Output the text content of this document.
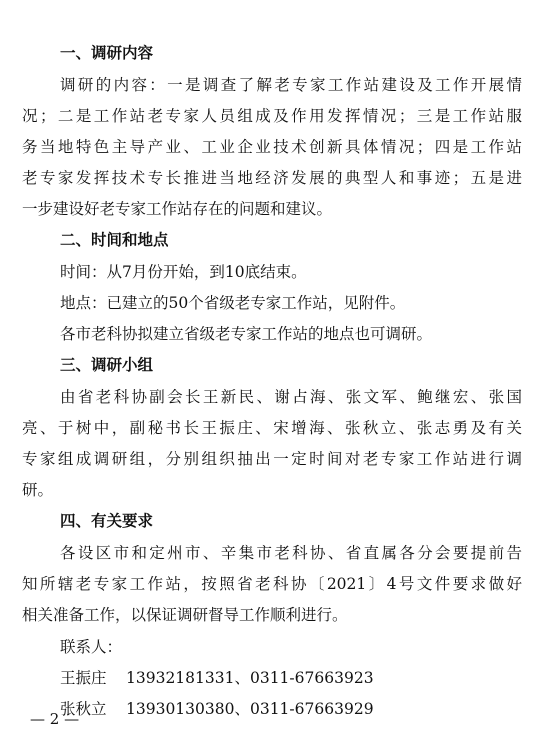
一、调研内容
调研的内容：一是调查了解老专家工作站建设及工作开展情
况；二是工作站老专家人员组成及作用发挥情况；三是工作站服
务当地特色主导产业、工业企业技术创新具体情况；四是工作站
老专家发挥技术专长推进当地经济发展的典型人和事迹；五是进
一步建设好老专家工作站存在的问题和建议。
二、时间和地点
时间：从7月份开始，到10底结束。
地点：已建立的50个省级老专家工作站，见附件。
各市老科协拟建立省级老专家工作站的地点也可调研。
三、调研小组
由省老科协副会长王新民、谢占海、张文军、鲍继宏、张国
亮、于树中，副秘书长王振庄、宋增海、张秋立、张志勇及有关
专家组成调研组，分别组织抽出一定时间对老专家工作站进行调
研。
四、有关要求
各设区市和定州市、辛集市老科协、省直属各分会要提前告
知所辖老专家工作站，按照省老科协〔2021〕4号文件要求做好
相关准备工作，以保证调研督导工作顺利进行。
联系人：
王振庄 13932181331、0311-67663923
张秋立 13930130380、0311-67663929
— 2 —
